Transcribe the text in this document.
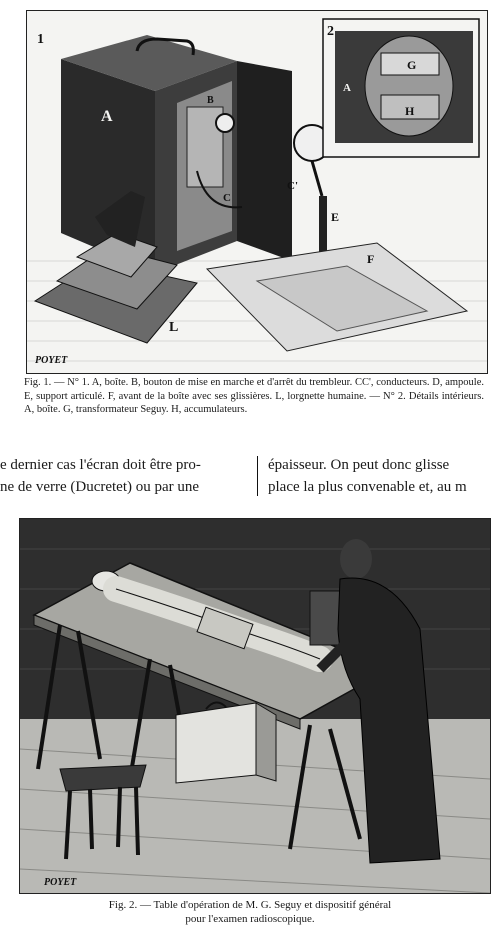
1
2
A
B
C
C'
D
E
F
L
A
G
H
POYET
Fig. 1. — N° 1. A, boîte. B, bouton de mise en marche et d'arrêt du trembleur. CC', conducteurs. D, ampoule. E, support articulé. F, avant de la boîte avec ses glissières. L, lorgnette humaine. — N° 2. Détails intérieurs. A, boîte. G, transformateur Seguy. H, accumulateurs.
e dernier cas l'écran doit être pro-
ne de verre (Ducretet) ou par une
épaisseur. On peut donc glisse
place la plus convenable et, au m
POYET
Fig. 2. — Table d'opération de M. G. Seguy et dispositif général
pour l'examen radioscopique.
